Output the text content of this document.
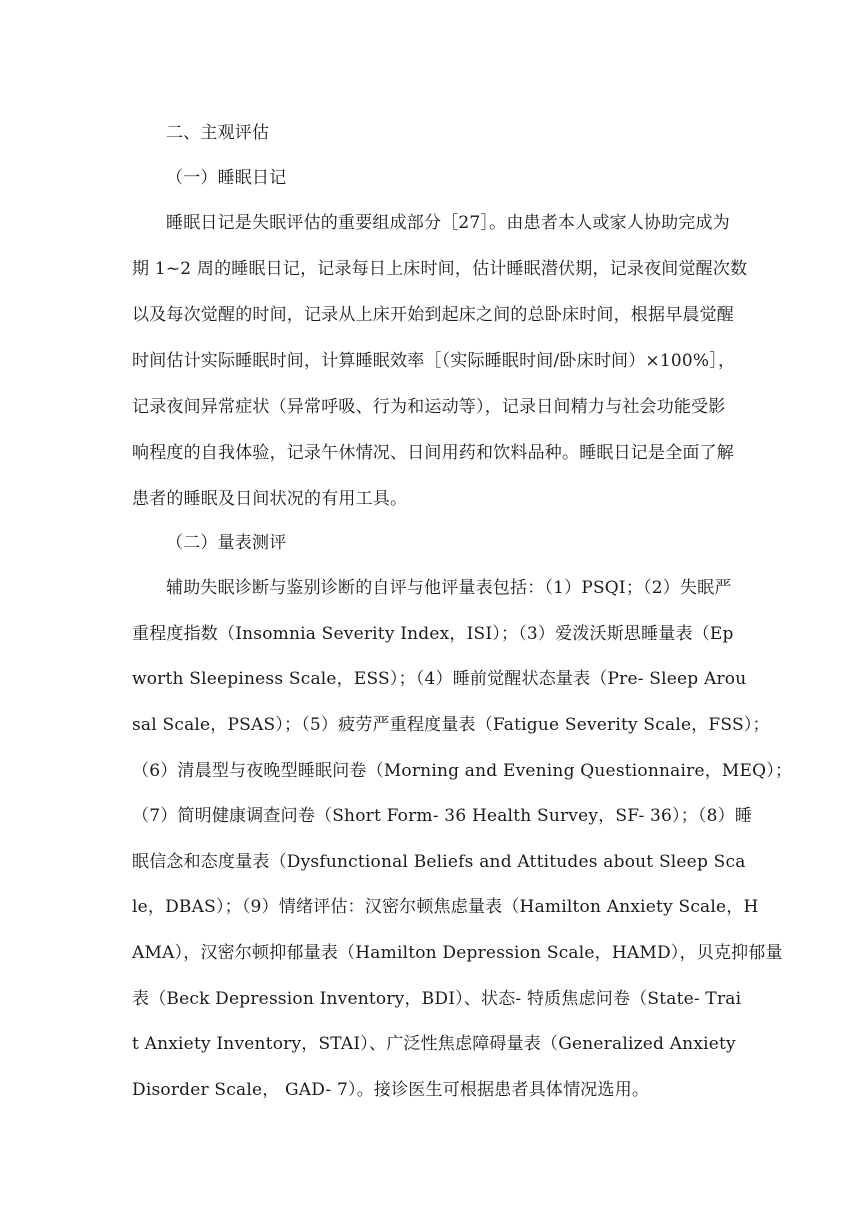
二、主观评估
（一）睡眠日记
睡眠日记是失眠评估的重要组成部分［27］。由患者本人或家人协助完成为
期 1~2 周的睡眠日记，记录每日上床时间，估计睡眠潜伏期，记录夜间觉醒次数
以及每次觉醒的时间，记录从上床开始到起床之间的总卧床时间，根据早晨觉醒
时间估计实际睡眠时间，计算睡眠效率［（实际睡眠时间/卧床时间）×100%］，
记录夜间异常症状（异常呼吸、行为和运动等），记录日间精力与社会功能受影
响程度的自我体验，记录午休情况、日间用药和饮料品种。睡眠日记是全面了解
患者的睡眠及日间状况的有用工具。
（二）量表测评
辅助失眠诊断与鉴别诊断的自评与他评量表包括：（1）PSQI；（2）失眠严
重程度指数（Insomnia Severity Index，ISI）；（3）爱泼沃斯思睡量表（Ep
worth Sleepiness Scale，ESS）；（4）睡前觉醒状态量表（Pre- Sleep Arou
sal Scale，PSAS）；（5）疲劳严重程度量表（Fatigue Severity Scale，FSS）；
（6）清晨型与夜晚型睡眠问卷（Morning and Evening Questionnaire，MEQ）；
（7）简明健康调查问卷（Short Form- 36 Health Survey，SF- 36）；（8）睡
眠信念和态度量表（Dysfunctional Beliefs and Attitudes about Sleep Sca
le，DBAS）；（9）情绪评估：汉密尔顿焦虑量表（Hamilton Anxiety Scale，H
AMA），汉密尔顿抑郁量表（Hamilton Depression Scale，HAMD），贝克抑郁量
表（Beck Depression Inventory，BDI）、状态- 特质焦虑问卷（State- Trai
t Anxiety Inventory，STAI）、广泛性焦虑障碍量表（Generalized Anxiety
Disorder Scale， GAD- 7）。接诊医生可根据患者具体情况选用。
